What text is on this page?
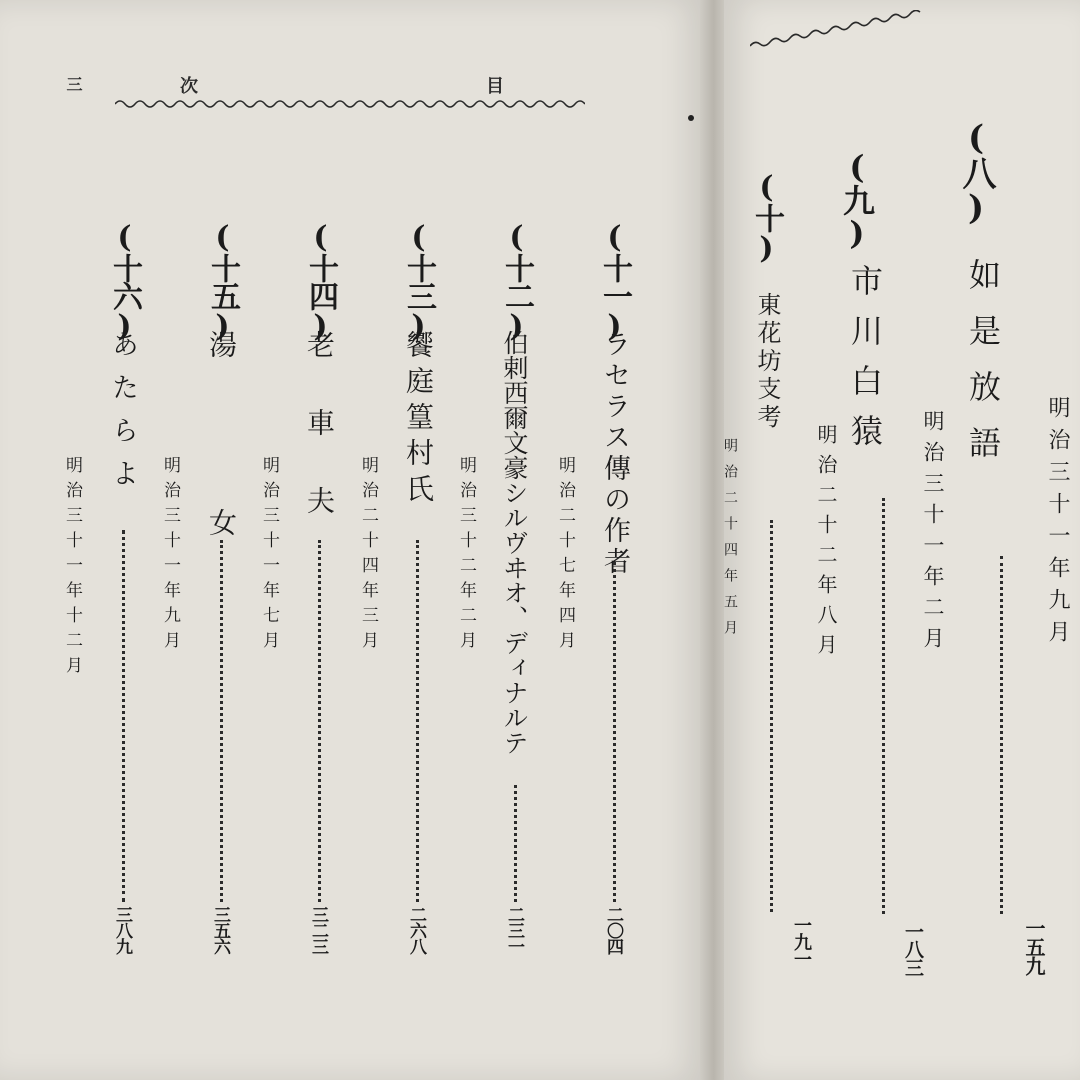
三	次	目
(十一)
ラセラス傳の作者
明治二十七年四月
二〇四
(十二)
伯剌西爾文豪シルヴヰオ、ディナルテ
明治三十二年二月
二三一
(十三)
饗庭篁村氏
明治二十四年三月
二六八
(十四)
老車夫
明治三十一年七月
三二三
(十五)
湯女
明治三十一年九月
三五六
(十六)
あたらよ
明治三十一年十二月
三八九
(八)
如是放語
明治三十一年九月
一五九
(九)
市川白猿
明治三十一年二月
一八三
(十)
東花坊支考
明治二十二年八月
一九一
明治二十四年五月
